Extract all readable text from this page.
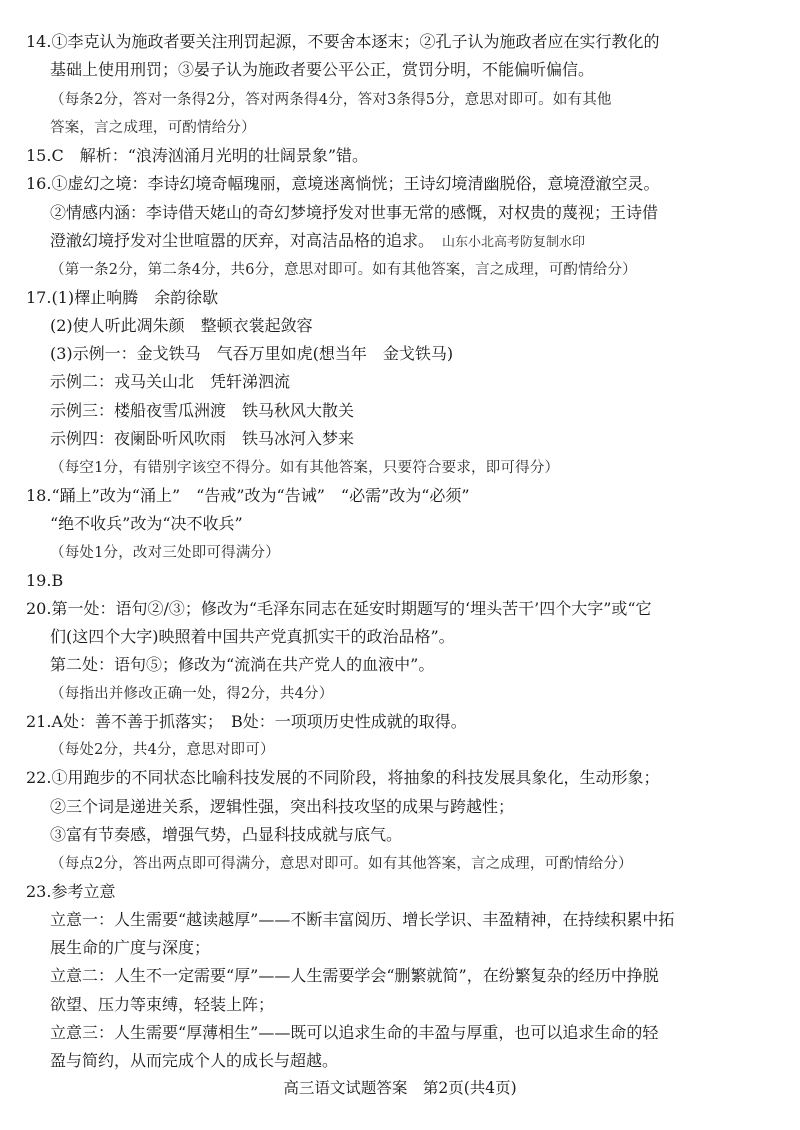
14.①李克认为施政者要关注刑罚起源，不要舍本逐末；②孔子认为施政者应在实行教化的
基础上使用刑罚；③晏子认为施政者要公平公正，赏罚分明，不能偏听偏信。
（每条2分，答对一条得2分，答对两条得4分，答对3条得5分，意思对即可。如有其他
答案，言之成理，可酌情给分）
15.C　解析：“浪涛汹涌月光明的壮阔景象”错。
16.①虚幻之境：李诗幻境奇幅瑰丽，意境迷离惝恍；王诗幻境清幽脱俗，意境澄澈空灵。
②情感内涵：李诗借天姥山的奇幻梦境抒发对世事无常的感慨，对权贵的蔑视；王诗借
澄澈幻境抒发对尘世喧嚣的厌弃，对高洁品格的追求。 山东小北高考防复制水印
（第一条2分，第二条4分，共6分，意思对即可。如有其他答案，言之成理，可酌情给分）
17.(1)檡止响腾　余韵徐歇
(2)使人听此凋朱颜　整顿衣裳起敛容
(3)示例一：金戈铁马　气吞万里如虎(想当年　金戈铁马)
示例二：戎马关山北　凭轩涕泗流
示例三：楼船夜雪瓜洲渡　铁马秋风大散关
示例四：夜阑卧听风吹雨　铁马冰河入梦来
（每空1分，有错别字该空不得分。如有其他答案，只要符合要求，即可得分）
18.“踊上”改为“涌上”　“告戒”改为“告诫”　“必需”改为“必须”
“绝不收兵”改为“决不收兵”
（每处1分，改对三处即可得满分）
19.B
20.第一处：语句②/③；修改为“毛泽东同志在延安时期题写的‘埋头苦干’四个大字”或“它
们(这四个大字)映照着中国共产党真抓实干的政治品格”。
第二处：语句⑤；修改为“流淌在共产党人的血液中”。
（每指出并修改正确一处，得2分，共4分）
21.A处：善不善于抓落实；　B处：一项项历史性成就的取得。
（每处2分，共4分，意思对即可）
22.①用跑步的不同状态比喻科技发展的不同阶段，将抽象的科技发展具象化，生动形象；
②三个词是递进关系，逻辑性强，突出科技攻坚的成果与跨越性；
③富有节奏感，增强气势，凸显科技成就与底气。
（每点2分，答出两点即可得满分，意思对即可。如有其他答案，言之成理，可酌情给分）
23.参考立意
立意一：人生需要“越读越厚”——不断丰富阅历、增长学识、丰盈精神，在持续积累中拓
展生命的广度与深度；
立意二：人生不一定需要“厚”——人生需要学会“删繁就简”，在纷繁复杂的经历中挣脱
欲望、压力等束缚，轻装上阵；
立意三：人生需要“厚薄相生”——既可以追求生命的丰盈与厚重，也可以追求生命的轻
盈与简约，从而完成个人的成长与超越。
高三语文试题答案　第2页(共4页)
